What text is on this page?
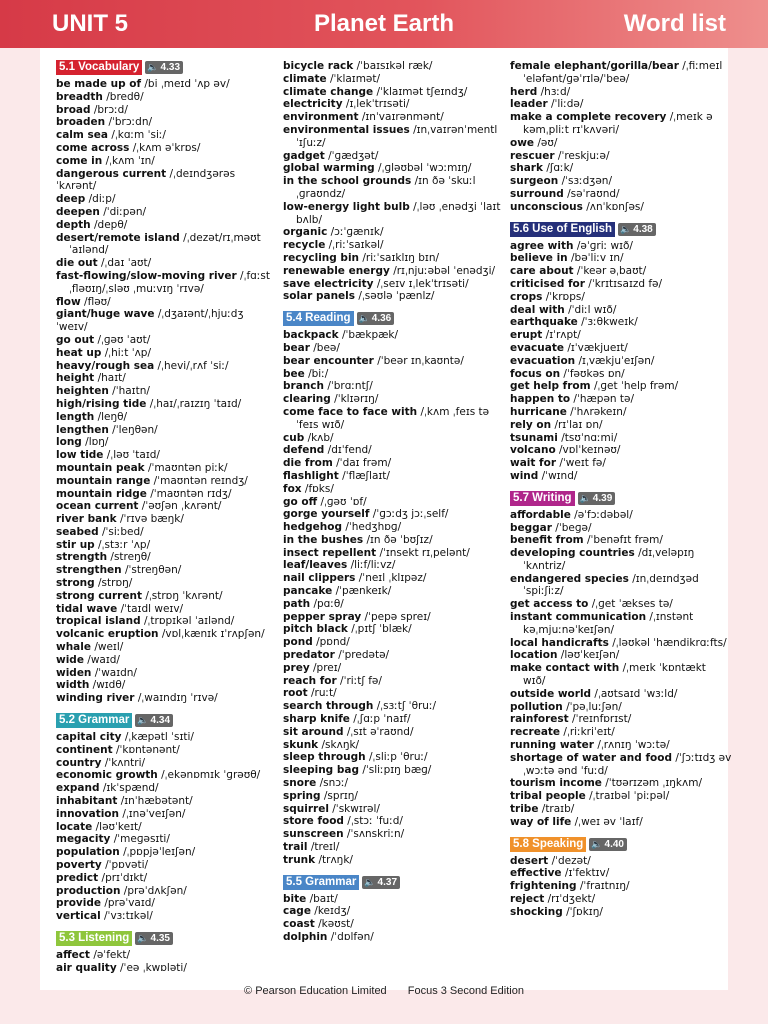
UNIT 5	Planet Earth	Word list
5.1 Vocabulary 🔈 4.33
be made up of /bi ˌmeɪd ˈʌp əv/
breadth /bredθ/
broad /brɔːd/
broaden /ˈbrɔːdn/
calm sea /ˌkɑːm ˈsiː/
come across /ˌkʌm əˈkrɒs/
come in /ˌkʌm ˈɪn/
dangerous current /ˌdeɪndʒərəs ˈkʌrənt/
deep /diːp/
deepen /ˈdiːpən/
depth /depθ/
desert/remote island /ˌdezət/rɪˌməʊt
ˈaɪlənd/
die out /ˌdaɪ ˈaʊt/
fast-flowing/slow-moving river /ˌfɑːst
ˌfləʊɪŋ/ˌsləʊ ˌmuːvɪŋ ˈrɪvə/
flow /fləʊ/
giant/huge wave /ˌdʒaɪənt/ˌhjuːdʒ ˈweɪv/
go out /ˌɡəʊ ˈaʊt/
heat up /ˌhiːt ˈʌp/
heavy/rough sea /ˌhevi/ˌrʌf ˈsiː/
height /haɪt/
heighten /ˈhaɪtn/
high/rising tide /ˌhaɪ/ˌraɪzɪŋ ˈtaɪd/
length /leŋθ/
lengthen /ˈleŋθən/
long /lɒŋ/
low tide /ˌləʊ ˈtaɪd/
mountain peak /ˈmaʊntən piːk/
mountain range /ˈmaʊntən reɪndʒ/
mountain ridge /ˈmaʊntən rɪdʒ/
ocean current /ˈəʊʃən ˌkʌrənt/
river bank /ˈrɪvə bæŋk/
seabed /ˈsiːbed/
stir up /ˌstɜːr ˈʌp/
strength /streŋθ/
strengthen /ˈstreŋθən/
strong /strɒŋ/
strong current /ˌstrɒŋ ˈkʌrənt/
tidal wave /ˈtaɪdl weɪv/
tropical island /ˌtrɒpɪkəl ˈaɪlənd/
volcanic eruption /vɒlˌkænɪk ɪˈrʌpʃən/
whale /weɪl/
wide /waɪd/
widen /ˈwaɪdn/
width /wɪdθ/
winding river /ˌwaɪndɪŋ ˈrɪvə/
5.2 Grammar 🔈 4.34
capital city /ˌkæpətl ˈsɪti/
continent /ˈkɒntənənt/
country /ˈkʌntri/
economic growth /ˌekənɒmɪk ˈɡrəʊθ/
expand /ɪkˈspænd/
inhabitant /ɪnˈhæbətənt/
innovation /ˌɪnəˈveɪʃən/
locate /ləʊˈkeɪt/
megacity /ˈmeɡəsɪti/
population /ˌpɒpjəˈleɪʃən/
poverty /ˈpɒvəti/
predict /prɪˈdɪkt/
production /prəˈdʌkʃən/
provide /prəˈvaɪd/
vertical /ˈvɜːtɪkəl/
5.3 Listening 🔈 4.35
affect /əˈfekt/
air quality /ˈeə ˌkwɒləti/
bicycle rack /ˈbaɪsɪkəl ræk/
climate /ˈklaɪmət/
climate change /ˈklaɪmət tʃeɪndʒ/
electricity /ɪˌlekˈtrɪsəti/
environment /ɪnˈvaɪrənmənt/
environmental issues /ɪnˌvaɪrənˈmentl
ˈɪʃuːz/
gadget /ˈɡædʒət/
global warming /ˌɡləʊbəl ˈwɔːmɪŋ/
in the school grounds /ɪn ðə ˈskuːl
ˌɡraʊndz/
low-energy light bulb /ˌləʊ ˌenədʒi ˈlaɪt
bʌlb/
organic /ɔːˈɡænɪk/
recycle /ˌriːˈsaɪkəl/
recycling bin /riːˈsaɪklɪŋ bɪn/
renewable energy /rɪˌnjuːəbəl ˈenədʒi/
save electricity /ˌseɪv ɪˌlekˈtrɪsəti/
solar panels /ˌsəʊlə ˈpænlz/
5.4 Reading 🔈 4.36
backpack /ˈbækpæk/
bear /beə/
bear encounter /ˈbeər ɪnˌkaʊntə/
bee /biː/
branch /ˈbrɑːntʃ/
clearing /ˈklɪərɪŋ/
come face to face with /ˌkʌm ˌfeɪs tə
ˈfeɪs wɪð/
cub /kʌb/
defend /dɪˈfend/
die from /ˈdaɪ frəm/
flashlight /ˈflæʃlaɪt/
fox /fɒks/
go off /ˌɡəʊ ˈɒf/
gorge yourself /ˈɡɔːdʒ jɔːˌself/
hedgehog /ˈhedʒhɒɡ/
in the bushes /ɪn ðə ˈbʊʃɪz/
insect repellent /ˈɪnsekt rɪˌpelənt/
leaf/leaves /liːf/liːvz/
nail clippers /ˈneɪl ˌklɪpəz/
pancake /ˈpænkeɪk/
path /pɑːθ/
pepper spray /ˈpepə spreɪ/
pitch black /ˌpɪtʃ ˈblæk/
pond /pɒnd/
predator /ˈpredətə/
prey /preɪ/
reach for /ˈriːtʃ fə/
root /ruːt/
search through /ˌsɜːtʃ ˈθruː/
sharp knife /ˌʃɑːp ˈnaɪf/
sit around /ˌsɪt əˈraʊnd/
skunk /skʌŋk/
sleep through /ˌsliːp ˈθruː/
sleeping bag /ˈsliːpɪŋ bæɡ/
snore /snɔː/
spring /sprɪŋ/
squirrel /ˈskwɪrəl/
store food /ˌstɔː ˈfuːd/
sunscreen /ˈsʌnskriːn/
trail /treɪl/
trunk /trʌŋk/
5.5 Grammar 🔈 4.37
bite /baɪt/
cage /keɪdʒ/
coast /kəʊst/
dolphin /ˈdɒlfən/
female elephant/gorilla/bear /ˌfiːmeɪl
ˈeləfənt/ɡəˈrɪlə/ˈbeə/
herd /hɜːd/
leader /ˈliːdə/
make a complete recovery /ˌmeɪk ə
kəmˌpliːt rɪˈkʌvəri/
owe /əʊ/
rescuer /ˈreskjuːə/
shark /ʃɑːk/
surgeon /ˈsɜːdʒən/
surround /səˈraʊnd/
unconscious /ʌnˈkɒnʃəs/
5.6 Use of English 🔈 4.38
agree with /əˈɡriː wɪð/
believe in /bəˈliːv ɪn/
care about /ˈkeər əˌbaʊt/
criticised for /ˈkrɪtɪsaɪzd fə/
crops /ˈkrɒps/
deal with /ˈdiːl wɪð/
earthquake /ˈɜːθkweɪk/
erupt /ɪˈrʌpt/
evacuate /ɪˈvækjueɪt/
evacuation /ɪˌvækjuˈeɪʃən/
focus on /ˈfəʊkəs ɒn/
get help from /ˌɡet ˈhelp frəm/
happen to /ˈhæpən tə/
hurricane /ˈhʌrəkeɪn/
rely on /rɪˈlaɪ ɒn/
tsunami /tsʊˈnɑːmi/
volcano /vɒlˈkeɪnəʊ/
wait for /ˈweɪt fə/
wind /ˈwɪnd/
5.7 Writing 🔈 4.39
affordable /əˈfɔːdəbəl/
beggar /ˈbeɡə/
benefit from /ˈbenəfɪt frəm/
developing countries /dɪˌveləpɪŋ
ˈkʌntriz/
endangered species /ɪnˌdeɪndʒəd
ˈspiːʃiːz/
get access to /ˌɡet ˈækses tə/
instant communication /ˌɪnstənt
kəˌmjuːnəˈkeɪʃən/
local handicrafts /ˌləʊkəl ˈhændikrɑːfts/
location /ləʊˈkeɪʃən/
make contact with /ˌmeɪk ˈkɒntækt
wɪð/
outside world /ˌaʊtsaɪd ˈwɜːld/
pollution /ˈpəˌluːʃən/
rainforest /ˈreɪnfɒrɪst/
recreate /ˌriːkriˈeɪt/
running water /ˌrʌnɪŋ ˈwɔːtə/
shortage of water and food /ˈʃɔːtɪdʒ əv
ˌwɔːtə ənd ˈfuːd/
tourism income /ˈtʊərɪzəm ˌɪŋkʌm/
tribal people /ˌtraɪbəl ˈpiːpəl/
tribe /traɪb/
way of life /ˌweɪ əv ˈlaɪf/
5.8 Speaking 🔈 4.40
desert /ˈdezət/
effective /ɪˈfektɪv/
frightening /ˈfraɪtnɪŋ/
reject /rɪˈdʒekt/
shocking /ˈʃɒkɪŋ/
© Pearson Education Limited Focus 3 Second Edition
